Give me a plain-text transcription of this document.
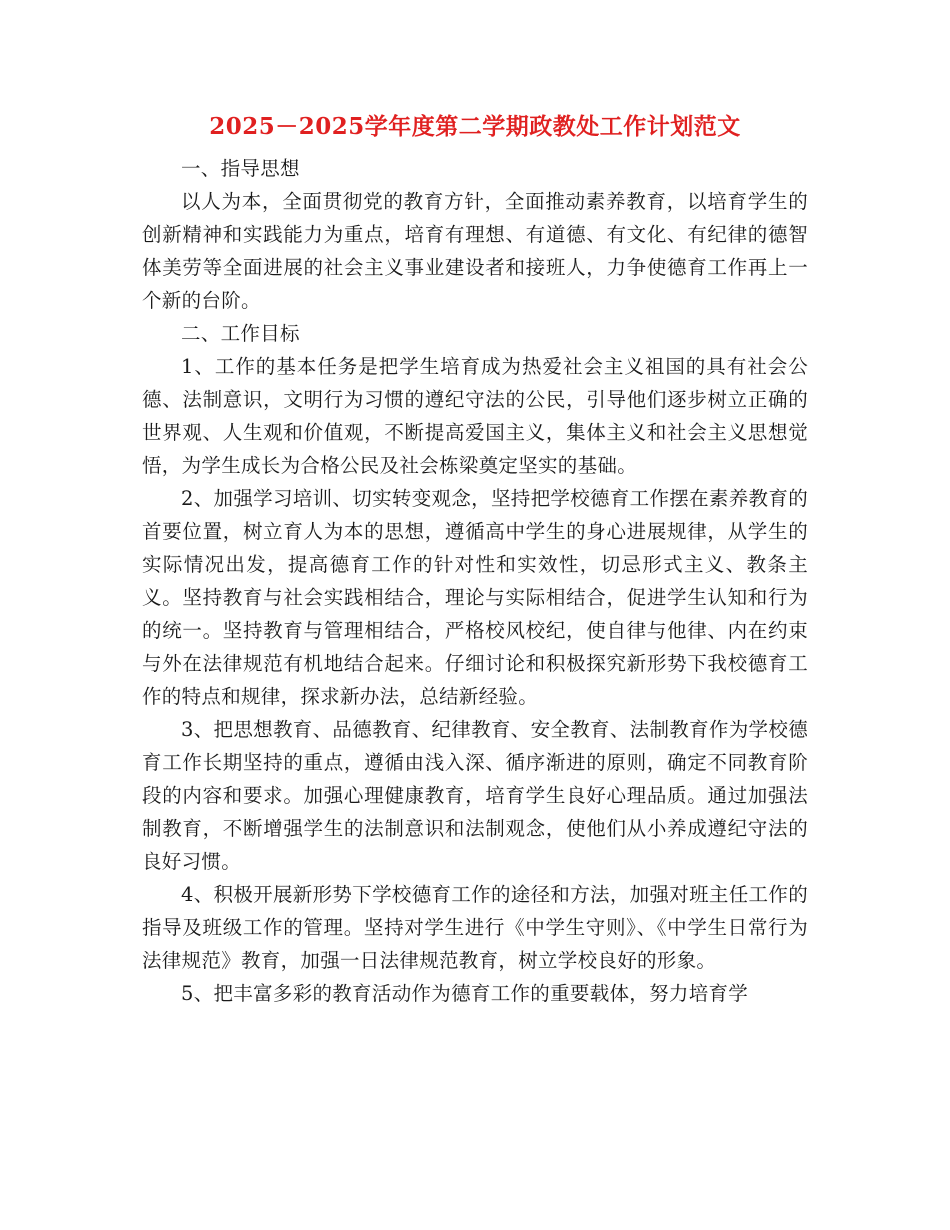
2025－2025学年度第二学期政教处工作计划范文

一、指导思想

以人为本，全面贯彻党的教育方针，全面推动素养教育，以培育学生的创新精神和实践能力为重点，培育有理想、有道德、有文化、有纪律的德智体美劳等全面进展的社会主义事业建设者和接班人，力争使德育工作再上一个新的台阶。

二、工作目标

1、工作的基本任务是把学生培育成为热爱社会主义祖国的具有社会公德、法制意识，文明行为习惯的遵纪守法的公民，引导他们逐步树立正确的世界观、人生观和价值观，不断提高爱国主义，集体主义和社会主义思想觉悟，为学生成长为合格公民及社会栋梁奠定坚实的基础。

2、加强学习培训、切实转变观念，坚持把学校德育工作摆在素养教育的首要位置，树立育人为本的思想，遵循高中学生的身心进展规律，从学生的实际情况出发，提高德育工作的针对性和实效性，切忌形式主义、教条主义。坚持教育与社会实践相结合，理论与实际相结合，促进学生认知和行为的统一。坚持教育与管理相结合，严格校风校纪，使自律与他律、内在约束与外在法律规范有机地结合起来。仔细讨论和积极探究新形势下我校德育工作的特点和规律，探求新办法，总结新经验。

3、把思想教育、品德教育、纪律教育、安全教育、法制教育作为学校德育工作长期坚持的重点，遵循由浅入深、循序渐进的原则，确定不同教育阶段的内容和要求。加强心理健康教育，培育学生良好心理品质。通过加强法制教育，不断增强学生的法制意识和法制观念，使他们从小养成遵纪守法的良好习惯。

4、积极开展新形势下学校德育工作的途径和方法，加强对班主任工作的指导及班级工作的管理。坚持对学生进行《中学生守则》、《中学生日常行为法律规范》教育，加强一日法律规范教育，树立学校良好的形象。

5、把丰富多彩的教育活动作为德育工作的重要载体，努力培育学
